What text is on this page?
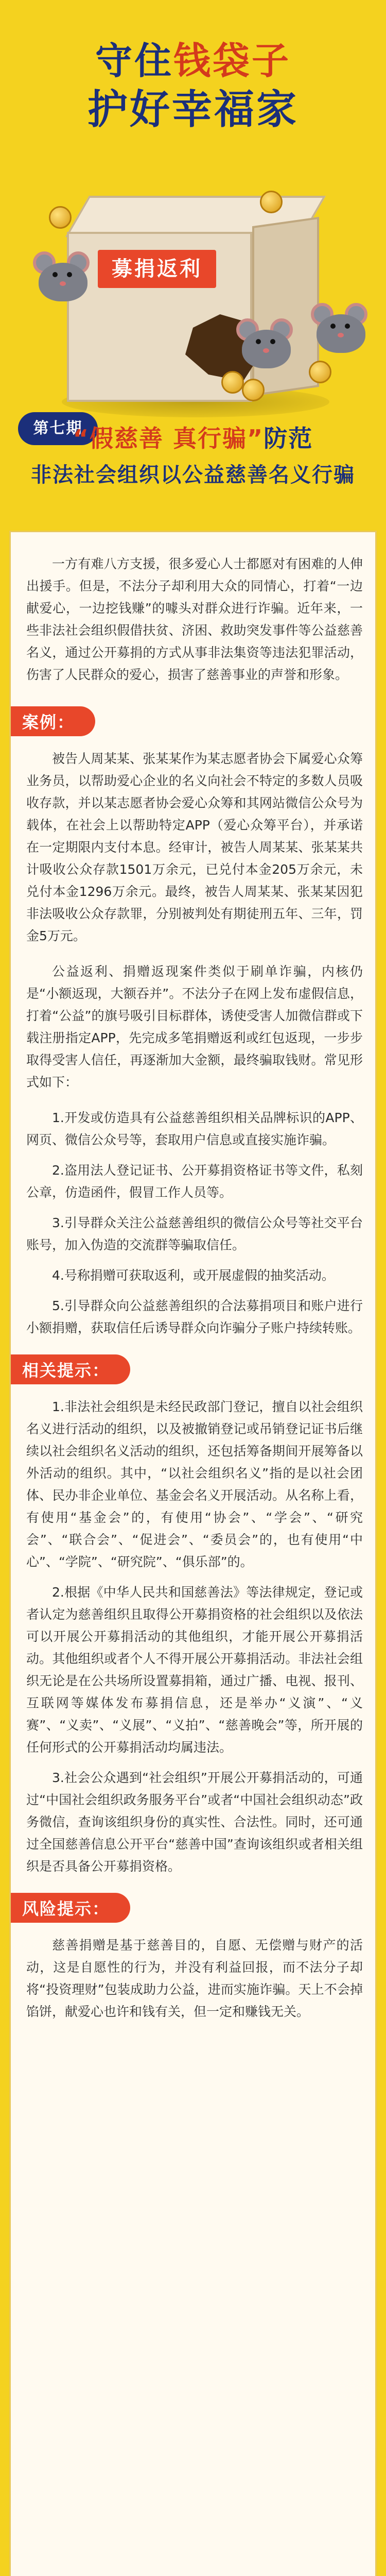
守住钱袋子
护好幸福家
募捐返利
第七期
“假慈善 真行骗”防范
非法社会组织以公益慈善名义行骗

一方有难八方支援，很多爱心人士都愿对有困难的人伸出援手。但是，不法分子却利用大众的同情心，打着“一边献爱心，一边挖钱赚”的噱头对群众进行诈骗。近年来，一些非法社会组织假借扶贫、济困、救助突发事件等公益慈善名义，通过公开募捐的方式从事非法集资等违法犯罪活动，伤害了人民群众的爱心，损害了慈善事业的声誉和形象。

案例：

被告人周某某、张某某作为某志愿者协会下属爱心众筹业务员，以帮助爱心企业的名义向社会不特定的多数人员吸收存款，并以某志愿者协会爱心众筹和其网站微信公众号为载体，在社会上以帮助特定APP（爱心众筹平台），并承诺在一定期限内支付本息。经审计，被告人周某某、张某某共计吸收公众存款1501万余元，已兑付本金205万余元，未兑付本金1296万余元。最终，被告人周某某、张某某因犯非法吸收公众存款罪，分别被判处有期徒刑五年、三年，罚金5万元。

公益返利、捐赠返现案件类似于刷单诈骗，内核仍是“小额返现，大额吞并”。不法分子在网上发布虚假信息，打着“公益”的旗号吸引目标群体，诱使受害人加微信群或下载注册指定APP，先完成多笔捐赠返利或红包返现，一步步取得受害人信任，再逐渐加大金额，最终骗取钱财。常见形式如下：

1.开发或仿造具有公益慈善组织相关品牌标识的APP、网页、微信公众号等，套取用户信息或直接实施诈骗。

2.盗用法人登记证书、公开募捐资格证书等文件，私刻公章，仿造函件，假冒工作人员等。

3.引导群众关注公益慈善组织的微信公众号等社交平台账号，加入伪造的交流群等骗取信任。

4.号称捐赠可获取返利，或开展虚假的抽奖活动。

5.引导群众向公益慈善组织的合法募捐项目和账户进行小额捐赠，获取信任后诱导群众向诈骗分子账户持续转账。

相关提示：

1.非法社会组织是未经民政部门登记，擅自以社会组织名义进行活动的组织，以及被撤销登记或吊销登记证书后继续以社会组织名义活动的组织，还包括筹备期间开展筹备以外活动的组织。其中，“以社会组织名义”指的是以社会团体、民办非企业单位、基金会名义开展活动。从名称上看，有使用“基金会”的，有使用“协会”、“学会”、“研究会”、“联合会”、“促进会”、“委员会”的，也有使用“中心”、“学院”、“研究院”、“俱乐部”的。

2.根据《中华人民共和国慈善法》等法律规定，登记或者认定为慈善组织且取得公开募捐资格的社会组织以及依法可以开展公开募捐活动的其他组织，才能开展公开募捐活动。其他组织或者个人不得开展公开募捐活动。非法社会组织无论是在公共场所设置募捐箱，通过广播、电视、报刊、互联网等媒体发布募捐信息，还是举办“义演”、“义赛”、“义卖”、“义展”、“义拍”、“慈善晚会”等，所开展的任何形式的公开募捐活动均属违法。

3.社会公众遇到“社会组织”开展公开募捐活动的，可通过“中国社会组织政务服务平台”或者“中国社会组织动态”政务微信，查询该组织身份的真实性、合法性。同时，还可通过全国慈善信息公开平台“慈善中国”查询该组织或者相关组织是否具备公开募捐资格。

风险提示：

慈善捐赠是基于慈善目的，自愿、无偿赠与财产的活动，这是自愿性的行为，并没有利益回报，而不法分子却将“投资理财”包装成助力公益，进而实施诈骗。天上不会掉馅饼，献爱心也许和钱有关，但一定和赚钱无关。
